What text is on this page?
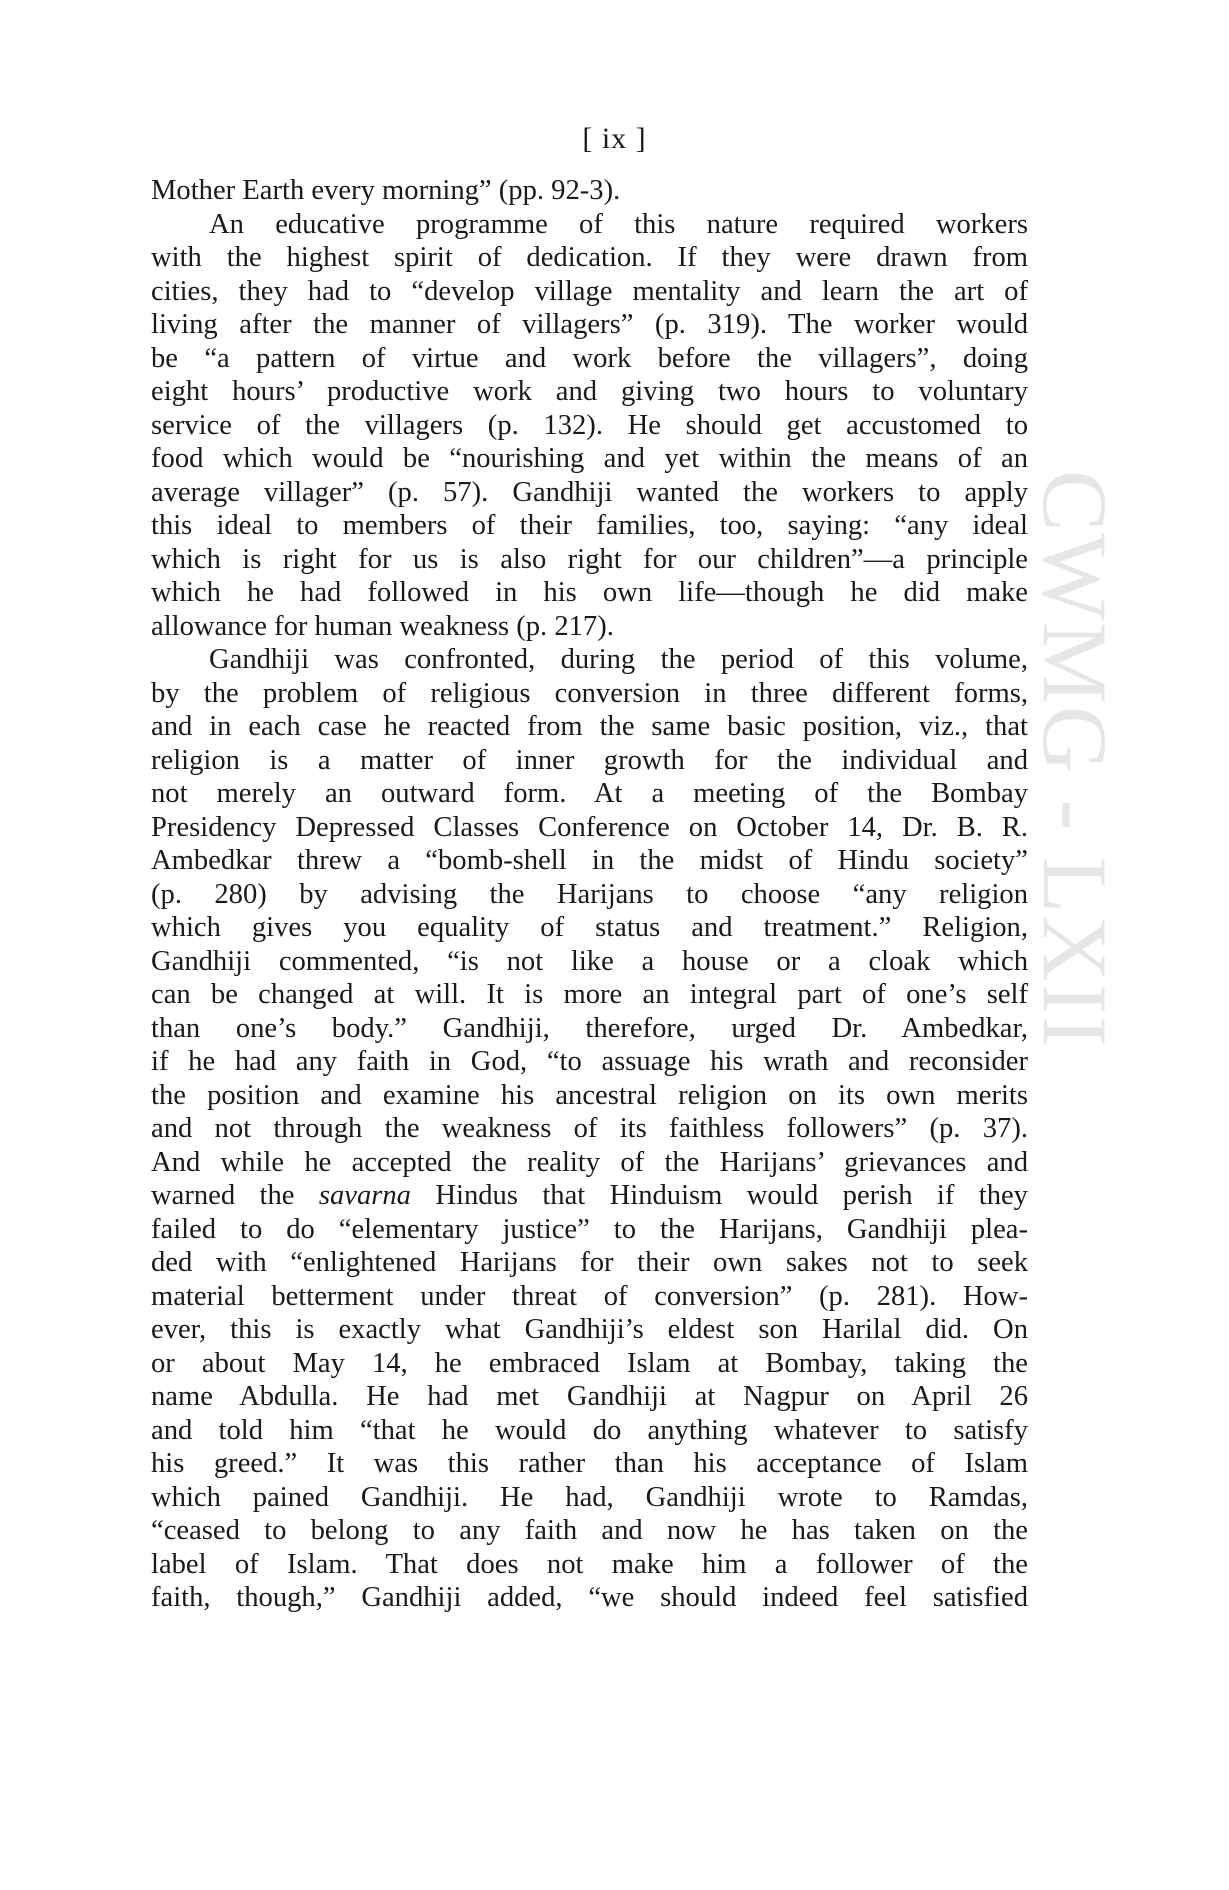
[ ix ]
CWMG - LXII
Mother Earth every morning” (pp. 92-3).
An educative programme of this nature required workers
with the highest spirit of dedication. If they were drawn from
cities, they had to “develop village mentality and learn the art of
living after the manner of villagers” (p. 319). The worker would
be “a pattern of virtue and work before the villagers”, doing
eight hours’ productive work and giving two hours to voluntary
service of the villagers (p. 132). He should get accustomed to
food which would be “nourishing and yet within the means of an
average villager” (p. 57). Gandhiji wanted the workers to apply
this ideal to members of their families, too, saying: “any ideal
which is right for us is also right for our children”—a principle
which he had followed in his own life—though he did make
allowance for human weakness (p. 217).
Gandhiji was confronted, during the period of this volume,
by the problem of religious conversion in three different forms,
and in each case he reacted from the same basic position, viz., that
religion is a matter of inner growth for the individual and
not merely an outward form. At a meeting of the Bombay
Presidency Depressed Classes Conference on October 14, Dr. B. R.
Ambedkar threw a “bomb-shell in the midst of Hindu society”
(p. 280) by advising the Harijans to choose “any religion
which gives you equality of status and treatment.” Religion,
Gandhiji commented, “is not like a house or a cloak which
can be changed at will. It is more an integral part of one’s self
than one’s body.” Gandhiji, therefore, urged Dr. Ambedkar,
if he had any faith in God, “to assuage his wrath and reconsider
the position and examine his ancestral religion on its own merits
and not through the weakness of its faithless followers” (p. 37).
And while he accepted the reality of the Harijans’ grievances and
warned the savarna Hindus that Hinduism would perish if they
failed to do “elementary justice” to the Harijans, Gandhiji plea-
ded with “enlightened Harijans for their own sakes not to seek
material betterment under threat of conversion” (p. 281). How-
ever, this is exactly what Gandhiji’s eldest son Harilal did. On
or about May 14, he embraced Islam at Bombay, taking the
name Abdulla. He had met Gandhiji at Nagpur on April 26
and told him “that he would do anything whatever to satisfy
his greed.” It was this rather than his acceptance of Islam
which pained Gandhiji. He had, Gandhiji wrote to Ramdas,
“ceased to belong to any faith and now he has taken on the
label of Islam. That does not make him a follower of the
faith, though,” Gandhiji added, “we should indeed feel satisfied
